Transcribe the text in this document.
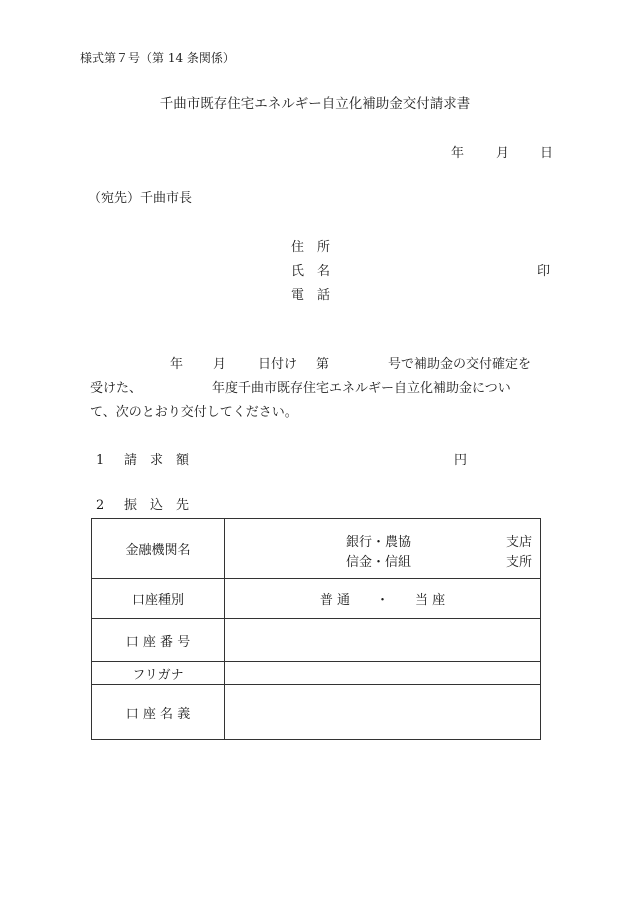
様式第７号（第 14 条関係）
千曲市既存住宅エネルギー自立化補助金交付請求書
年 月 日
（宛先）千曲市長
住　所
氏　名	印
電　話
年 月 日付け 第	号で補助金の交付確定を
受けた、	年度千曲市既存住宅エネルギー自立化補助金につい
て、次のとおり交付してください。
1 請　求　額	円
2 振　込　先
金融機関名	銀行・農協
信金・信組
支店
支所

口座種別	普 通　　・　　当 座
口 座 番 号	
フリガナ	
口 座 名 義	
